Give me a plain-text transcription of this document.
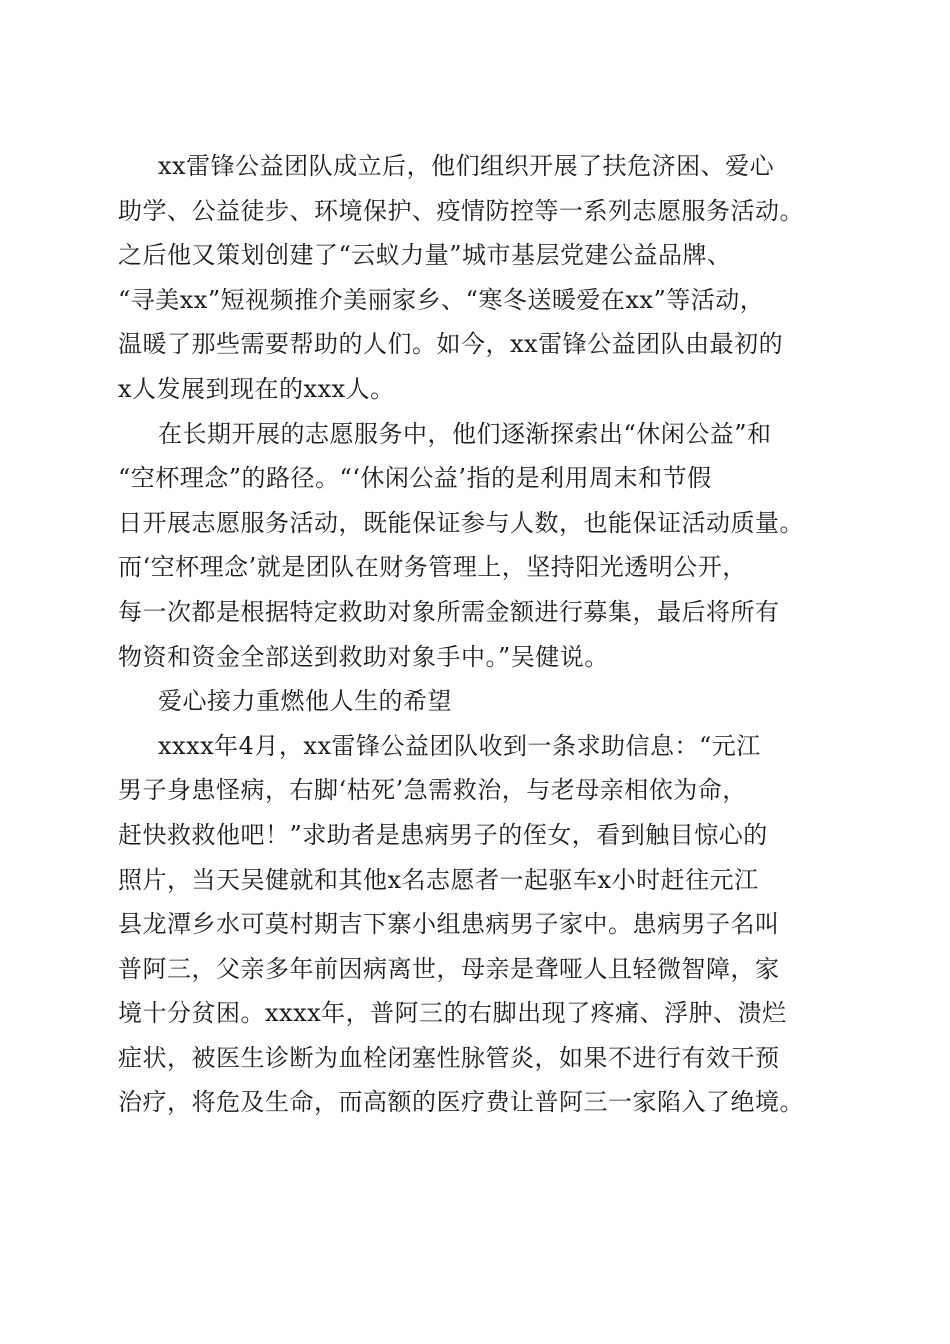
xx雷锋公益团队成立后，他们组织开展了扶危济困、爱心
助学、公益徒步、环境保护、疫情防控等一系列志愿服务活动。
之后他又策划创建了“云蚁力量”城市基层党建公益品牌、
“寻美xx”短视频推介美丽家乡、“寒冬送暖爱在xx”等活动，
温暖了那些需要帮助的人们。如今，xx雷锋公益团队由最初的
x人发展到现在的xxx人。
在长期开展的志愿服务中，他们逐渐探索出“休闲公益”和
“空杯理念”的路径。“‘休闲公益’指的是利用周末和节假
日开展志愿服务活动，既能保证参与人数，也能保证活动质量。
而‘空杯理念’就是团队在财务管理上，坚持阳光透明公开，
每一次都是根据特定救助对象所需金额进行募集，最后将所有
物资和资金全部送到救助对象手中。”吴健说。
爱心接力重燃他人生的希望
xxxx年4月，xx雷锋公益团队收到一条求助信息：“元江
男子身患怪病，右脚‘枯死’急需救治，与老母亲相依为命，
赶快救救他吧！”求助者是患病男子的侄女，看到触目惊心的
照片，当天吴健就和其他x名志愿者一起驱车x小时赶往元江
县龙潭乡水可莫村期吉下寨小组患病男子家中。患病男子名叫
普阿三，父亲多年前因病离世，母亲是聋哑人且轻微智障，家
境十分贫困。xxxx年，普阿三的右脚出现了疼痛、浮肿、溃烂
症状，被医生诊断为血栓闭塞性脉管炎，如果不进行有效干预
治疗，将危及生命，而高额的医疗费让普阿三一家陷入了绝境。
